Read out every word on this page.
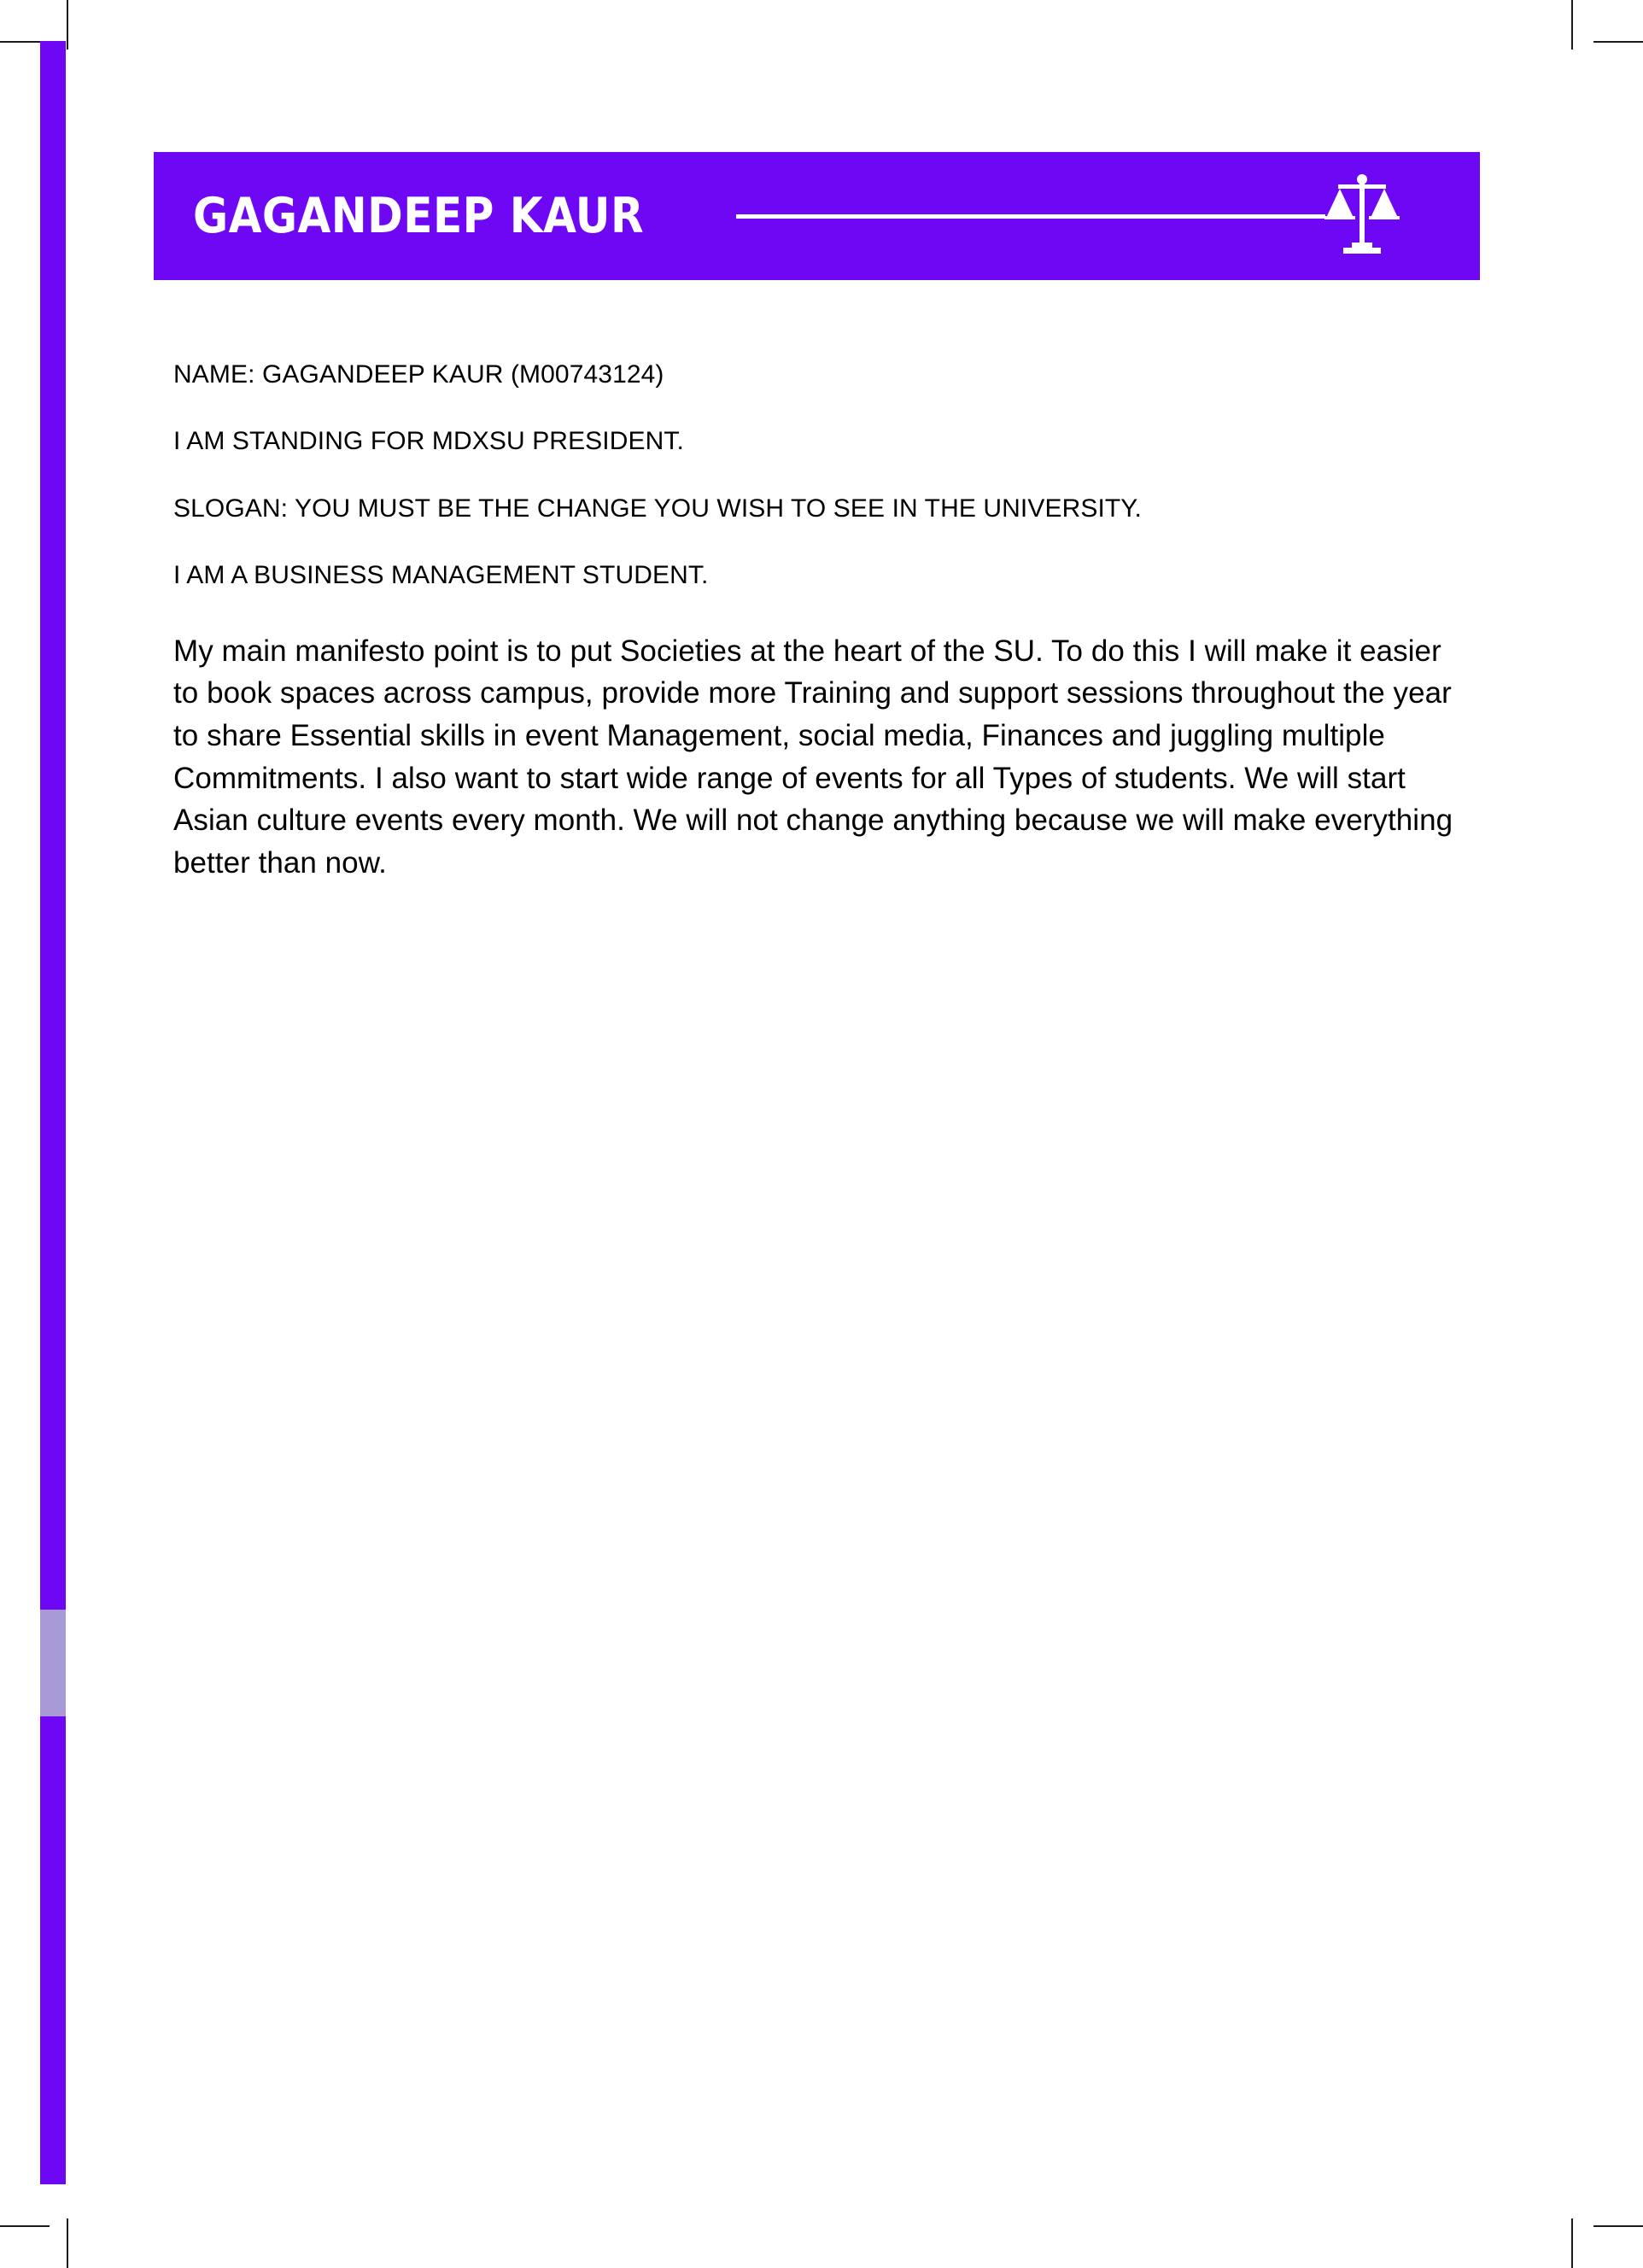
GAGANDEEP KAUR
NAME: GAGANDEEP KAUR (M00743124)
I AM STANDING FOR MDXSU PRESIDENT.
SLOGAN: YOU MUST BE THE CHANGE YOU WISH TO SEE IN THE UNIVERSITY.
I AM A BUSINESS MANAGEMENT STUDENT.
My main manifesto point is to put Societies at the heart of the SU. To do this I will make it easier to book spaces across campus, provide more Training and support sessions throughout the year to share Essential skills in event Management, social media, Finances and juggling multiple Commitments. I also want to start wide range of events for all Types of students. We will start Asian culture events every month. We will not change anything because we will make everything better than now.
